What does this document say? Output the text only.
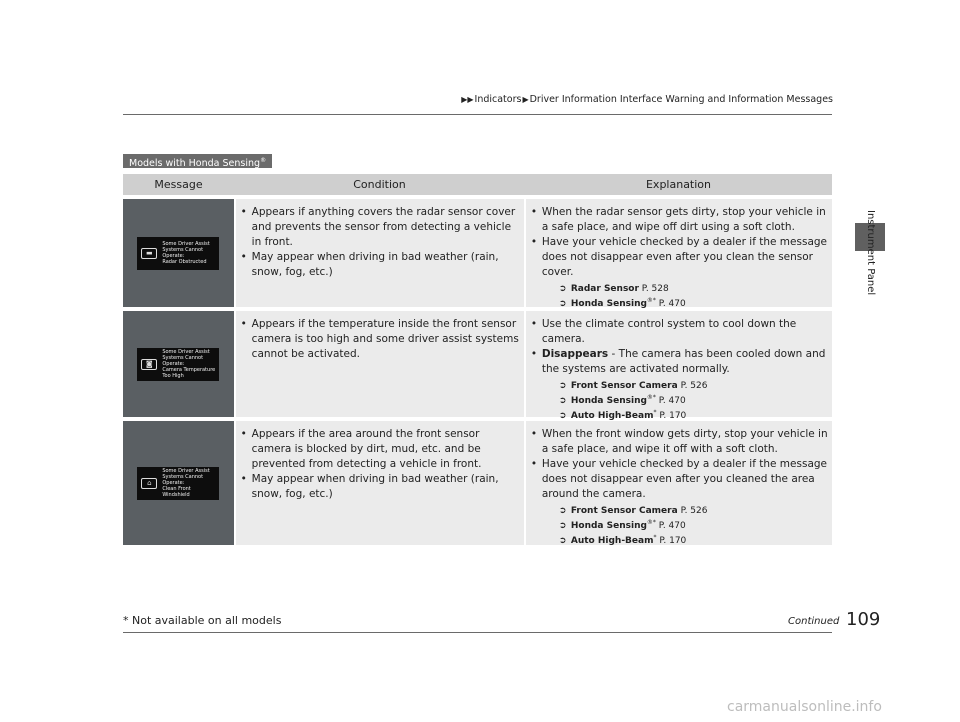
▶▶Indicators▶Driver Information Interface Warning and Information Messages
Instrument Panel
Models with Honda Sensing®
Message	Condition	Explanation
▬
Some Driver Assist
Systems Cannot
Operate:
Radar Obstructed

• Appears if anything covers the radar sensor cover and prevents the sensor from detecting a vehicle in front.

• May appear when driving in bad weather (rain, snow, fog, etc.)

• When the radar sensor gets dirty, stop your vehicle in a safe place, and wipe off dirt using a soft cloth.

• Have your vehicle checked by a dealer if the message does not disappear even after you clean the sensor cover.

➲ Radar Sensor P. 528

➲ Honda Sensing®* P. 470

◙
Some Driver Assist
Systems Cannot Operate:
Camera Temperature
Too High

• Appears if the temperature inside the front sensor camera is too high and some driver assist systems cannot be activated.

• Use the climate control system to cool down the camera.

• Disappears - The camera has been cooled down and the systems are activated normally.

➲ Front Sensor Camera P. 526

➲ Honda Sensing®* P. 470

➲ Auto High-Beam* P. 170

⌂
Some Driver Assist
Systems Cannot
Operate:
Clean Front Windshield

• Appears if the area around the front sensor camera is blocked by dirt, mud, etc. and be prevented from detecting a vehicle in front.

• May appear when driving in bad weather (rain, snow, fog, etc.)

• When the front window gets dirty, stop your vehicle in a safe place, and wipe it off with a soft cloth.

• Have your vehicle checked by a dealer if the message does not disappear even after you cleaned the area around the camera.

➲ Front Sensor Camera P. 526

➲ Honda Sensing®* P. 470

➲ Auto High-Beam* P. 170

Continued 109
* Not available on all models
carmanualsonline.info
